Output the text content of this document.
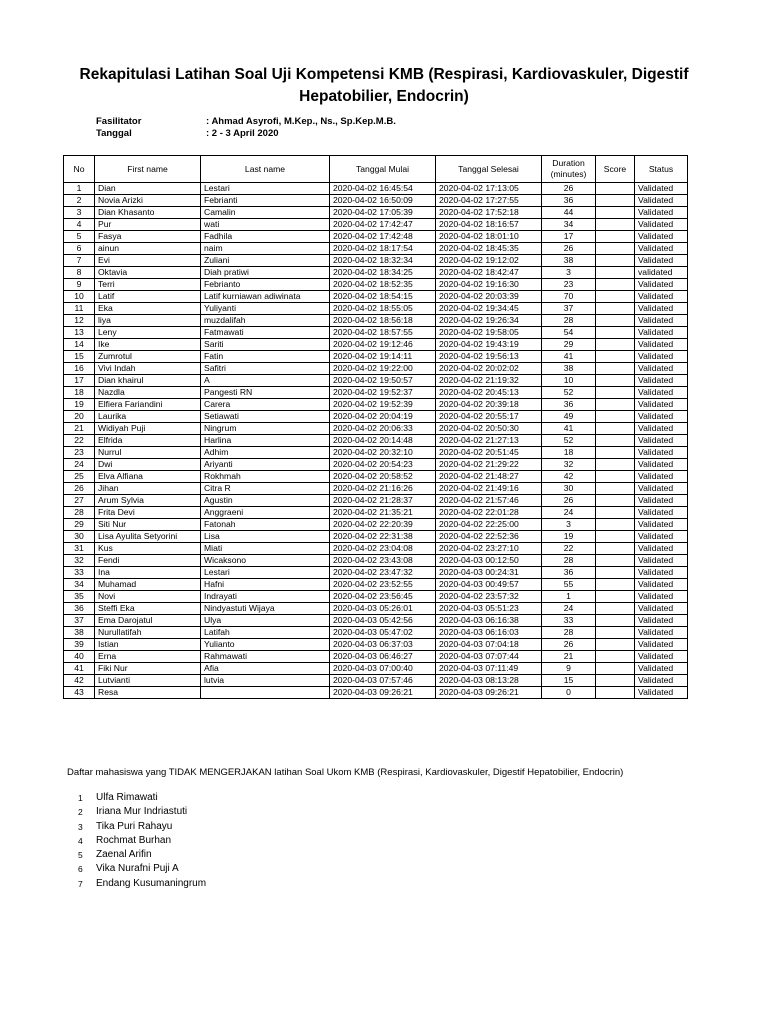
Rekapitulasi Latihan Soal Uji Kompetensi KMB (Respirasi, Kardiovaskuler, Digestif
Hepatobilier, Endocrin)
Fasilitator	: Ahmad Asyrofi, M.Kep., Ns., Sp.Kep.M.B.
Tanggal	: 2 - 3 April 2020
No	First name	Last name	Tanggal Mulai	Tanggal Selesai	Duration
(minutes)	Score	Status
1	Dian	Lestari	2020-04-02 16:45:54	2020-04-02 17:13:05	26		Validated
2	Novia Arizki	Febrianti	2020-04-02 16:50:09	2020-04-02 17:27:55	36		Validated
3	Dian Khasanto	Camalin	2020-04-02 17:05:39	2020-04-02 17:52:18	44		Validated
4	Pur	wati	2020-04-02 17:42:47	2020-04-02 18:16:57	34		Validated
5	Fasya	Fadhila	2020-04-02 17:42:48	2020-04-02 18:01:10	17		Validated
6	ainun	naim	2020-04-02 18:17:54	2020-04-02 18:45:35	26		Validated
7	Evi	Zuliani	2020-04-02 18:32:34	2020-04-02 19:12:02	38		Validated
8	Oktavia	Diah pratiwi	2020-04-02 18:34:25	2020-04-02 18:42:47	3		validated
9	Terri	Febrianto	2020-04-02 18:52:35	2020-04-02 19:16:30	23		Validated
10	Latif	Latif kurniawan adiwinata	2020-04-02 18:54:15	2020-04-02 20:03:39	70		Validated
11	Eka	Yuliyanti	2020-04-02 18:55:05	2020-04-02 19:34:45	37		Validated
12	liya	muzdalifah	2020-04-02 18:56:18	2020-04-02 19:26:34	28		Validated
13	Leny	Fatmawati	2020-04-02 18:57:55	2020-04-02 19:58:05	54		Validated
14	Ike	Sariti	2020-04-02 19:12:46	2020-04-02 19:43:19	29		Validated
15	Zumrotul	Fatin	2020-04-02 19:14:11	2020-04-02 19:56:13	41		Validated
16	Vivi Indah	Safitri	2020-04-02 19:22:00	2020-04-02 20:02:02	38		Validated
17	Dian khairul	A	2020-04-02 19:50:57	2020-04-02 21:19:32	10		Validated
18	Nazdla	Pangesti RN	2020-04-02 19:52:37	2020-04-02 20:45:13	52		Validated
19	Elfiera Fariandini	Carera	2020-04-02 19:52:39	2020-04-02 20:39:18	36		Validated
20	Laurika	Setiawati	2020-04-02 20:04:19	2020-04-02 20:55:17	49		Validated
21	Widiyah Puji	Ningrum	2020-04-02 20:06:33	2020-04-02 20:50:30	41		Validated
22	Elfrida	Harlina	2020-04-02 20:14:48	2020-04-02 21:27:13	52		Validated
23	Nurrul	Adhim	2020-04-02 20:32:10	2020-04-02 20:51:45	18		Validated
24	Dwi	Ariyanti	2020-04-02 20:54:23	2020-04-02 21:29:22	32		Validated
25	Elva Alfiana	Rokhmah	2020-04-02 20:58:52	2020-04-02 21:48:27	42		Validated
26	Jihan	Citra R	2020-04-02 21:16:26	2020-04-02 21:49:16	30		Validated
27	Arum Sylvia	Agustin	2020-04-02 21:28:37	2020-04-02 21:57:46	26		Validated
28	Frita Devi	Anggraeni	2020-04-02 21:35:21	2020-04-02 22:01:28	24		Validated
29	Siti Nur	Fatonah	2020-04-02 22:20:39	2020-04-02 22:25:00	3		Validated
30	Lisa Ayulita Setyorini	Lisa	2020-04-02 22:31:38	2020-04-02 22:52:36	19		Validated
31	Kus	Miati	2020-04-02 23:04:08	2020-04-02 23:27:10	22		Validated
32	Fendi	Wicaksono	2020-04-02 23:43:08	2020-04-03 00:12:50	28		Validated
33	Ina	Lestari	2020-04-02 23:47:32	2020-04-03 00:24:31	36		Validated
34	Muhamad	Hafni	2020-04-02 23:52:55	2020-04-03 00:49:57	55		Validated
35	Novi	Indrayati	2020-04-02 23:56:45	2020-04-02 23:57:32	1		Validated
36	Steffi Eka	Nindyastuti Wijaya	2020-04-03 05:26:01	2020-04-03 05:51:23	24		Validated
37	Ema Darojatul	Ulya	2020-04-03 05:42:56	2020-04-03 06:16:38	33		Validated
38	Nurullatifah	Latifah	2020-04-03 05:47:02	2020-04-03 06:16:03	28		Validated
39	Istian	Yulianto	2020-04-03 06:37:03	2020-04-03 07:04:18	26		Validated
40	Erna	Rahmawati	2020-04-03 06:46:27	2020-04-03 07:07:44	21		Validated
41	Fiki Nur	Afia	2020-04-03 07:00:40	2020-04-03 07:11:49	9		Validated
42	Lutvianti	lutvia	2020-04-03 07:57:46	2020-04-03 08:13:28	15		Validated
43	Resa		2020-04-03 09:26:21	2020-04-03 09:26:21	0		Validated
Daftar mahasiswa yang TIDAK MENGERJAKAN latihan Soal Ukom KMB (Respirasi, Kardiovaskuler, Digestif Hepatobilier, Endocrin)
1	Ulfa Rimawati
2	Iriana Mur Indriastuti
3	Tika Puri Rahayu
4	Rochmat Burhan
5	Zaenal Arifin
6	Vika Nurafni Puji A
7	Endang Kusumaningrum
